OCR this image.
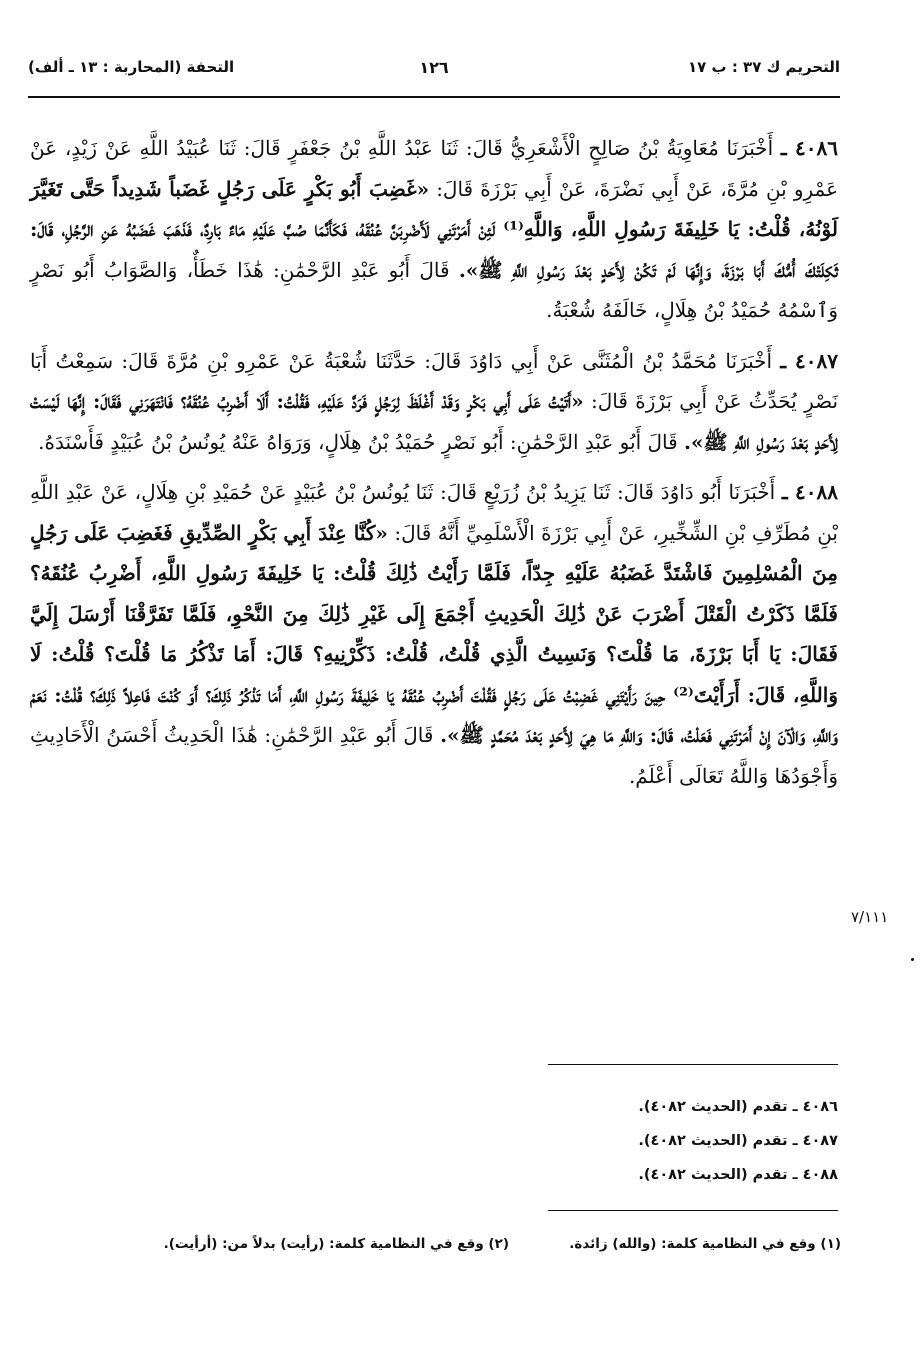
التحريم ك ٣٧ : ب ١٧
١٢٦
التحفة (المحاربة : ١٣ ـ ألف)

٤٠٨٦ ـ أَخْبَرَنَا مُعَاوِيَةُ بْنُ صَالِحٍ الْأَشْعَرِيُّ قَالَ: ثَنَا عَبْدُ اللَّهِ بْنُ جَعْفَرٍ قَالَ: ثَنَا عُبَيْدُ اللَّهِ عَنْ زَيْدٍ، عَنْ عَمْرِو بْنِ مُرَّةَ، عَنْ أَبِي نَضْرَةَ، عَنْ أَبِي بَرْزَةَ قَالَ: «غَضِبَ أَبُو بَكْرٍ عَلَى رَجُلٍ غَضَباً شَدِيداً حَتَّى تَغَيَّرَ لَوْنُهُ، قُلْتُ: يَا خَلِيفَةَ رَسُولِ اللَّهِ، وَاللَّهِ⁽¹⁾ لَئِنْ أَمَرْتَنِي لَأَضْرِبَنَّ عُنُقَهُ، فَكَأَنَّمَا صُبَّ عَلَيْهِ مَاءٌ بَارِدٌ، فَذَهَبَ غَضَبُهُ عَنِ الرَّجُلِ، قَالَ: ثَكِلَتْكَ أُمُّكَ أَبَا بَرْزَةَ، وَإِنَّهَا لَمْ تَكُنْ لِأَحَدٍ بَعْدَ رَسُولِ اللَّهِ ﷺ». قَالَ أَبُو عَبْدِ الرَّحْمَٰنِ: هَٰذَا خَطَأٌ، وَالصَّوَابُ أَبُو نَصْرٍ وَٱسْمُهُ حُمَيْدُ بْنُ هِلَالٍ، خَالَفَهُ شُعْبَةُ.

٤٠٨٧ ـ أَخْبَرَنَا مُحَمَّدُ بْنُ الْمُثَنَّى عَنْ أَبِي دَاوُدَ قَالَ: حَدَّثَنَا شُعْبَةُ عَنْ عَمْرِو بْنِ مُرَّةَ قَالَ: سَمِعْتُ أَبَا نَصْرٍ يُحَدِّثُ عَنْ أَبِي بَرْزَةَ قَالَ: «أَتَيْتُ عَلَى أَبِي بَكْرٍ وَقَدْ أَغْلَظَ لِرَجُلٍ فَرَدَّ عَلَيْهِ، فَقُلْتُ: أَلَا أَضْرِبُ عُنُقَهُ؟ فَانْتَهَرَنِي فَقَالَ: إِنَّهَا لَيْسَتْ لِأَحَدٍ بَعْدَ رَسُولِ اللَّهِ ﷺ». قَالَ أَبُو عَبْدِ الرَّحْمَٰنِ: أَبُو نَصْرٍ حُمَيْدُ بْنُ هِلَالٍ، وَرَوَاهُ عَنْهُ يُونُسُ بْنُ عُبَيْدٍ فَأَسْنَدَهُ.

٤٠٨٨ ـ أَخْبَرَنَا أَبُو دَاوُدَ قَالَ: ثَنَا يَزِيدُ بْنُ زُرَيْعٍ قَالَ: ثَنَا يُونُسُ بْنُ عُبَيْدٍ عَنْ حُمَيْدِ بْنِ هِلَالٍ، عَنْ عَبْدِ اللَّهِ بْنِ مُطَرِّفِ بْنِ الشِّخِّيرِ، عَنْ أَبِي بَرْزَةَ الْأَسْلَمِيِّ أَنَّهُ قَالَ: «كُنَّا عِنْدَ أَبِي بَكْرٍ الصِّدِّيقِ فَغَضِبَ عَلَى رَجُلٍ مِنَ الْمُسْلِمِينَ فَاشْتَدَّ غَضَبُهُ عَلَيْهِ جِدّاً، فَلَمَّا رَأَيْتُ ذَٰلِكَ قُلْتُ: يَا خَلِيفَةَ رَسُولِ اللَّهِ، أَضْرِبُ عُنُقَهُ؟ فَلَمَّا ذَكَرْتُ الْقَتْلَ أَضْرَبَ عَنْ ذَٰلِكَ الْحَدِيثِ أَجْمَعَ إِلَى غَيْرِ ذَٰلِكَ مِنَ النَّحْوِ، فَلَمَّا تَفَرَّقْنَا أَرْسَلَ إِلَيَّ فَقَالَ: يَا أَبَا بَرْزَةَ، مَا قُلْتَ؟ وَنَسِيتُ الَّذِي قُلْتُ، قُلْتُ: ذَكِّرْنِيهِ؟ قَالَ: أَمَا تَذْكُرُ مَا قُلْتَ؟ قُلْتُ: لَا وَاللَّهِ، قَالَ: أَرَأَيْتَ⁽²⁾ حِينَ رَأَيْتَنِي غَضِبْتُ عَلَى رَجُلٍ فَقُلْتَ أَضْرِبُ عُنُقَهُ يَا خَلِيفَةَ رَسُولِ اللَّهِ، أَمَا تَذْكُرُ ذَلِكَ؟ أَوَ كُنْتَ فَاعِلاً ذَلِكَ؟ قُلْتُ: نَعَمْ وَاللَّهِ، وَالْآنَ إِنْ أَمَرْتَنِي فَعَلْتُ، قَالَ: وَاللَّهِ مَا هِيَ لِأَحَدٍ بَعْدَ مُحَمَّدٍ ﷺ». قَالَ أَبُو عَبْدِ الرَّحْمَٰنِ: هَٰذَا الْحَدِيثُ أَحْسَنُ الْأَحَادِيثِ وَأَجْوَدُهَا وَاللَّهُ تَعَالَى أَعْلَمُ.

٧/١١١
٤٠٨٦ ـ تقدم (الحديث ٤٠٨٢).
٤٠٨٧ ـ تقدم (الحديث ٤٠٨٢).
٤٠٨٨ ـ تقدم (الحديث ٤٠٨٢).
(١) وقع في النظامية كلمة: (والله) زائدة.
(٢) وقع في النظامية كلمة: (رأيت) بدلاً من: (أرأيت).
